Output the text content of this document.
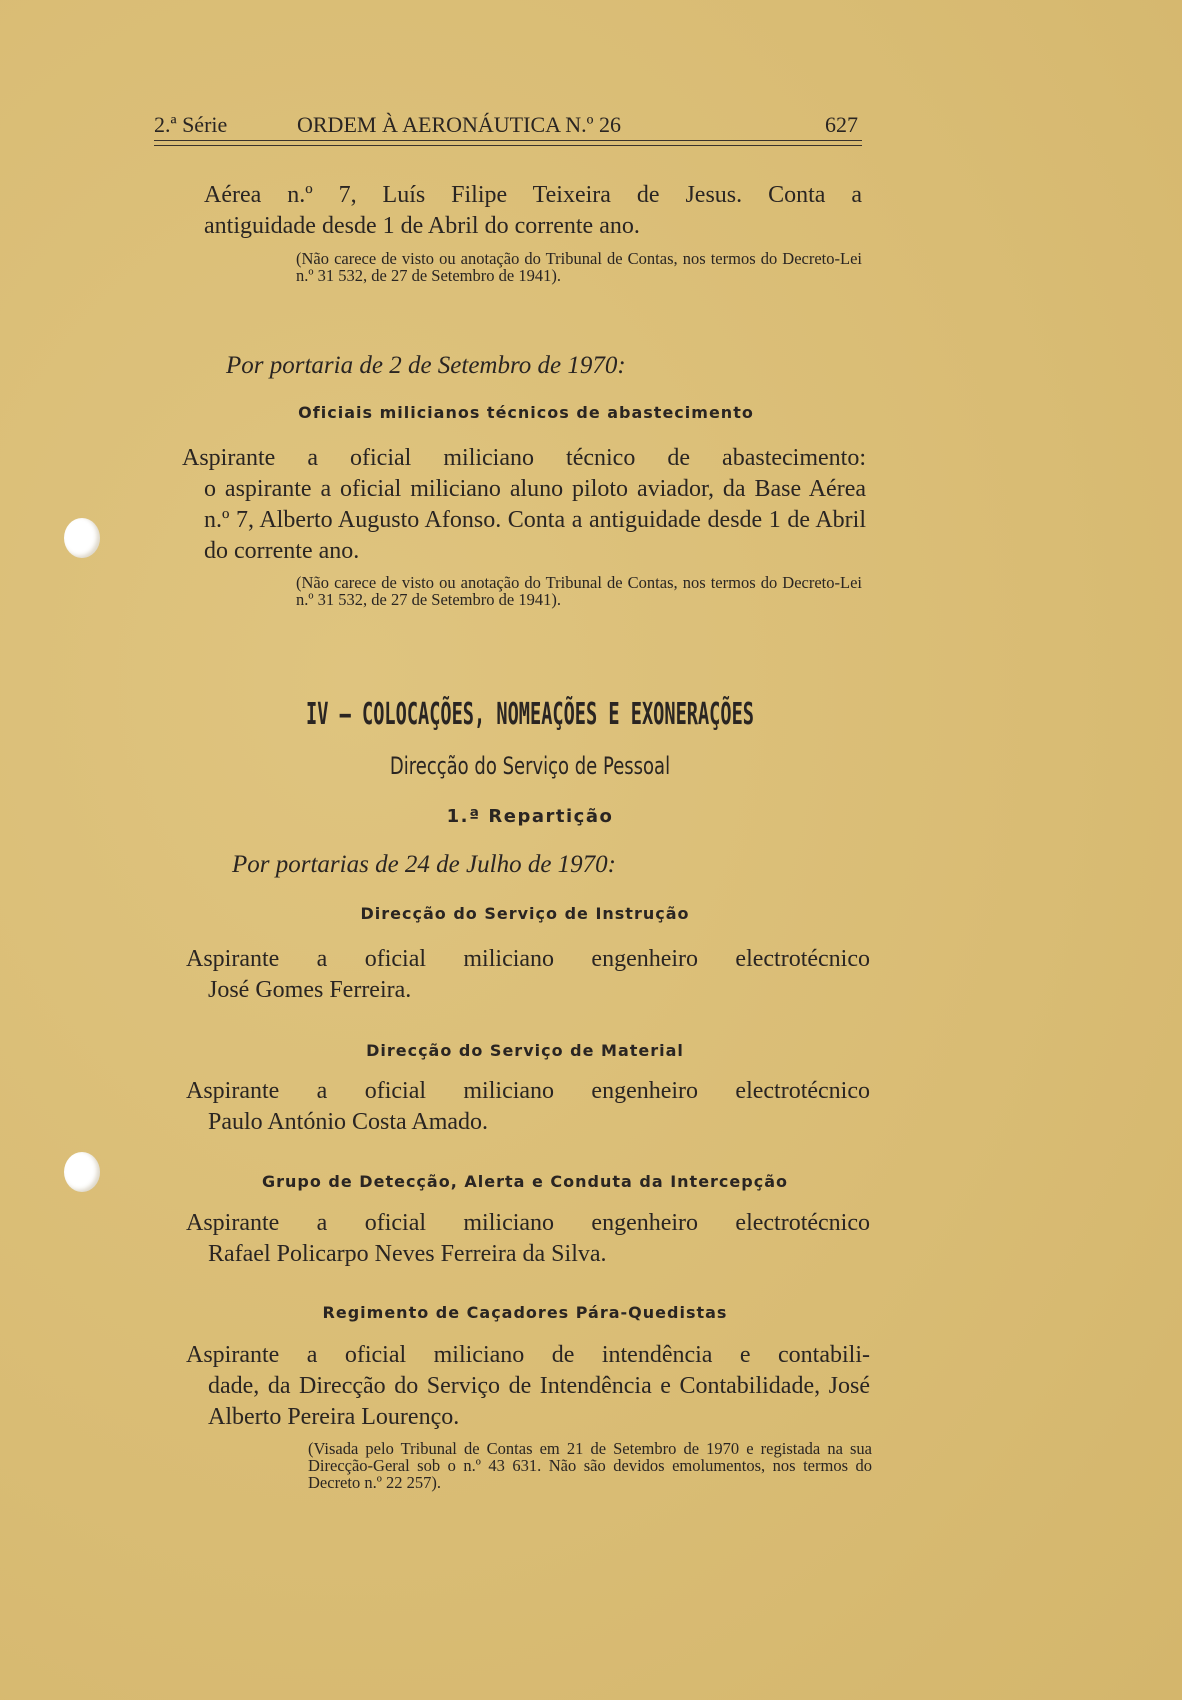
2.ª Série	ORDEM À AERONÁUTICA N.º 26	627

Aérea n.º 7, Luís Filipe Teixeira de Jesus. Conta a
antiguidade desde 1 de Abril do corrente ano.
(Não carece de visto ou anotação do Tribunal de Contas, nos termos do Decreto-Lei n.º 31 532, de 27 de Setembro de 1941).
Por portaria de 2 de Setembro de 1970:
Oficiais milicianos técnicos de abastecimento
Aspirante a oficial miliciano técnico de abastecimento:
o aspirante a oficial miliciano aluno piloto aviador, da Base Aérea n.º 7, Alberto Augusto Afonso. Conta a antiguidade desde 1 de Abril do corrente ano.
(Não carece de visto ou anotação do Tribunal de Contas, nos termos do Decreto-Lei n.º 31 532, de 27 de Setembro de 1941).
IV — COLOCAÇÕES, NOMEAÇÕES E EXONERAÇÕES
Direcção do Serviço de Pessoal
1.ª Repartição
Por portarias de 24 de Julho de 1970:
Direcção do Serviço de Instrução
Aspirante a oficial miliciano engenheiro electrotécnico
José Gomes Ferreira.
Direcção do Serviço de Material
Aspirante a oficial miliciano engenheiro electrotécnico
Paulo António Costa Amado.
Grupo de Detecção, Alerta e Conduta da Intercepção
Aspirante a oficial miliciano engenheiro electrotécnico
Rafael Policarpo Neves Ferreira da Silva.
Regimento de Caçadores Pára-Quedistas
Aspirante a oficial miliciano de intendência e contabili-
dade, da Direcção do Serviço de Intendência e Contabilidade, José Alberto Pereira Lourenço.
(Visada pelo Tribunal de Contas em 21 de Setembro de 1970 e registada na sua Direcção-Geral sob o n.º 43 631. Não são devidos emolumentos, nos termos do Decreto n.º 22 257).
